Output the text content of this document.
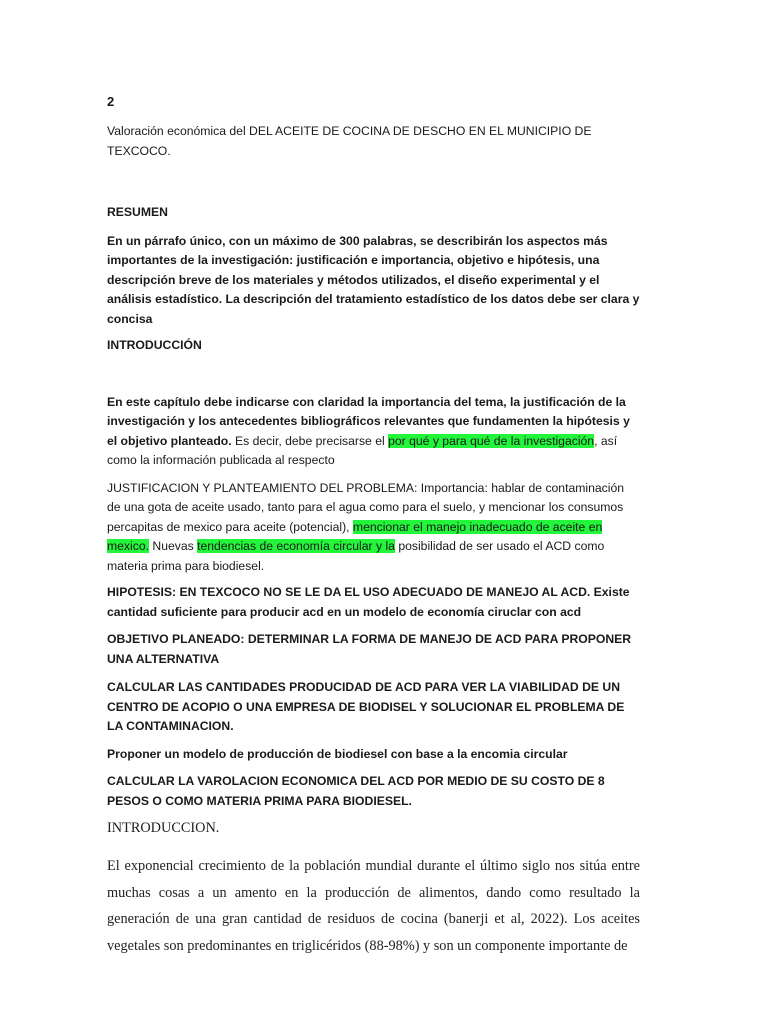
2

Valoración económica del DEL ACEITE DE COCINA DE DESCHO EN EL MUNICIPIO DE TEXCOCO.

RESUMEN

En un párrafo único, con un máximo de 300 palabras, se describirán los aspectos más importantes de la investigación: justificación e importancia, objetivo e hipótesis, una descripción breve de los materiales y métodos utilizados, el diseño experimental y el análisis estadístico. La descripción del tratamiento estadístico de los datos debe ser clara y concisa

INTRODUCCIÓN

En este capítulo debe indicarse con claridad la importancia del tema, la justificación de la investigación y los antecedentes bibliográficos relevantes que fundamenten la hipótesis y el objetivo planteado. Es decir, debe precisarse el por qué y para qué de la investigación, así como la información publicada al respecto

JUSTIFICACION Y PLANTEAMIENTO DEL PROBLEMA: Importancia: hablar de contaminación de una gota de aceite usado, tanto para el agua como para el suelo, y mencionar los consumos percapitas de mexico para aceite (potencial), mencionar el manejo inadecuado de aceite en mexico. Nuevas tendencias de economía circular y la posibilidad de ser usado el ACD como materia prima para biodiesel.

HIPOTESIS: EN TEXCOCO NO SE LE DA EL USO ADECUADO DE MANEJO AL ACD. Existe cantidad suficiente para producir acd en un modelo de economía ciruclar con acd

OBJETIVO PLANEADO: DETERMINAR LA FORMA DE MANEJO DE ACD PARA PROPONER UNA ALTERNATIVA

CALCULAR LAS CANTIDADES PRODUCIDAD DE ACD PARA VER LA VIABILIDAD DE UN CENTRO DE ACOPIO O UNA EMPRESA DE BIODISEL Y SOLUCIONAR EL PROBLEMA DE LA CONTAMINACION.

Proponer un modelo de producción de biodiesel con base a la encomia circular

CALCULAR LA VAROLACION ECONOMICA DEL ACD POR MEDIO DE SU COSTO DE 8 PESOS O COMO MATERIA PRIMA PARA BIODIESEL.

INTRODUCCION.

El exponencial crecimiento de la población mundial durante el último siglo nos sitúa entre muchas cosas a un amento en la producción de alimentos, dando como resultado la generación de una gran cantidad de residuos de cocina (banerji et al, 2022). Los aceites vegetales son predominantes en triglicéridos (88-98%) y son un componente importante de
